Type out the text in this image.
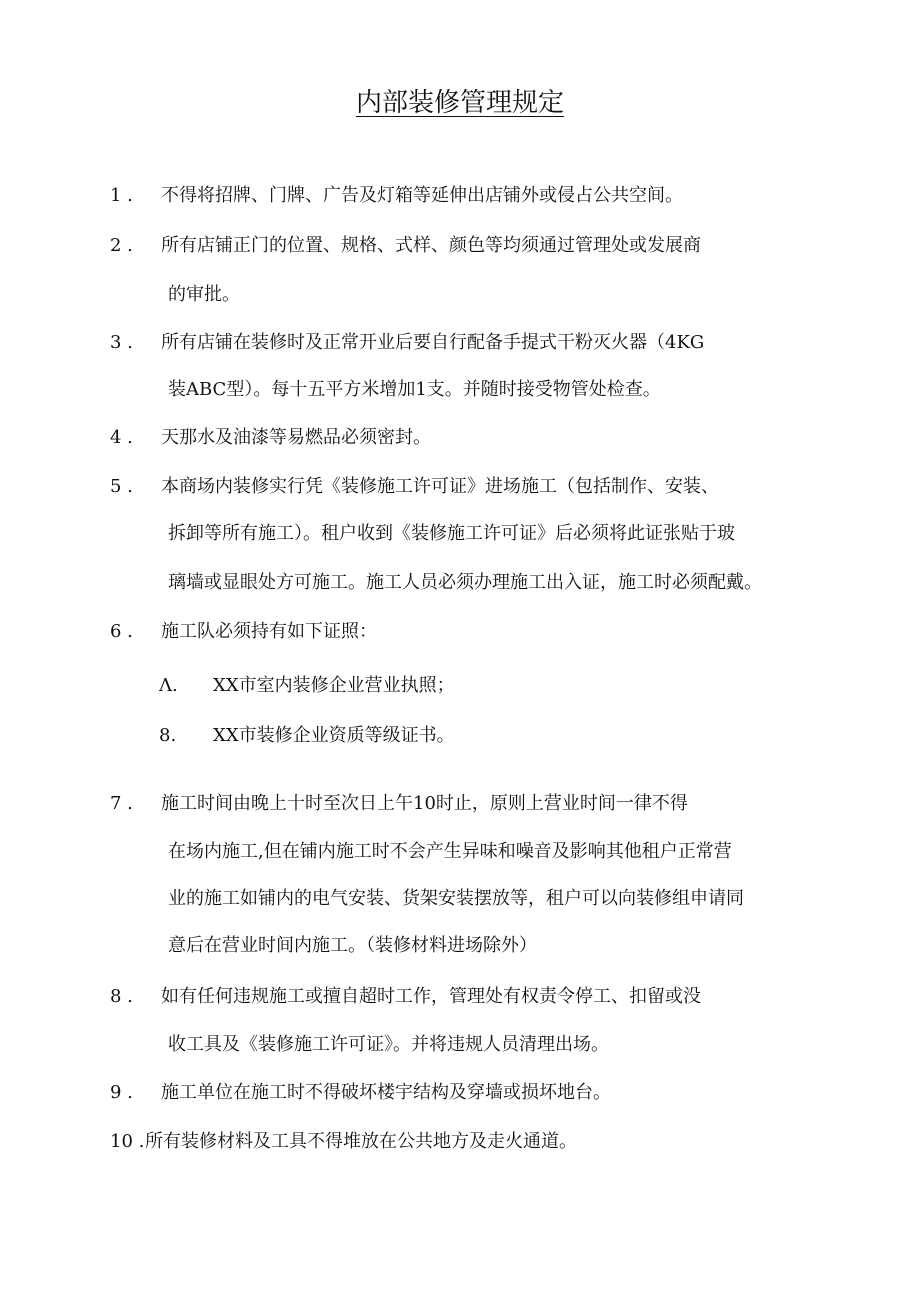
内部装修管理规定
1 . 不得将招牌、门牌、广告及灯箱等延伸出店铺外或侵占公共空间。
2 . 所有店铺正门的位置、规格、式样、颜色等均须通过管理处或发展商
的审批。
3 . 所有店铺在装修时及正常开业后要自行配备手提式干粉灭火器（4KG
装ABC型）。每十五平方米增加1支。并随时接受物管处检查。
4 . 天那水及油漆等易燃品必须密封。
5 . 本商场内装修实行凭《装修施工许可证》进场施工（包括制作、安装、
拆卸等所有施工）。租户收到《装修施工许可证》后必须将此证张贴于玻
璃墙或显眼处方可施工。施工人员必须办理施工出入证，施工时必须配戴。
6 . 施工队必须持有如下证照：
Λ. XX市室内装修企业营业执照；
8. XX市装修企业资质等级证书。
7 . 施工时间由晚上十时至次日上午10时止，原则上营业时间一律不得
在场内施工,但在铺内施工时不会产生异味和噪音及影响其他租户正常营
业的施工如铺内的电气安装、货架安装摆放等，租户可以向装修组申请同
意后在营业时间内施工。（装修材料进场除外）
8 . 如有任何违规施工或擅自超时工作，管理处有权责令停工、扣留或没
收工具及《装修施工许可证》。并将违规人员清理出场。
9 . 施工单位在施工时不得破坏楼宇结构及穿墙或损坏地台。
10 . 所有装修材料及工具不得堆放在公共地方及走火通道。
